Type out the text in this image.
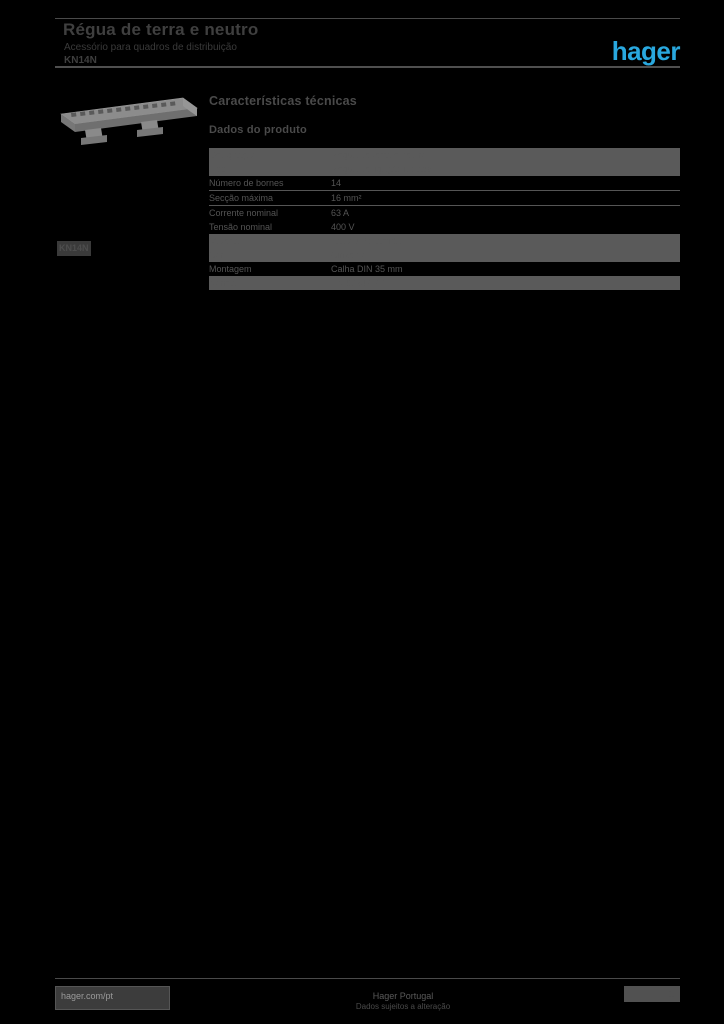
Régua de terra e neutro
Acessório para quadros de distribuição
KN14N	hager
KN14N
Características técnicas
Dados do produto
Designação	Régua de terra e neutro
Tipo	Régua de ligação isolada
Número de bornes	14
Secção máxima	16 mm²
Corrente nominal	63 A
Tensão nominal	400 V
Material	Latão / Poliamida
Cor	Cinzento
Montagem	Calha DIN 35 mm
Norma	EN 60947-7-1
hager.com/pt	Hager Portugal
Dados sujeitos a alteração
1
